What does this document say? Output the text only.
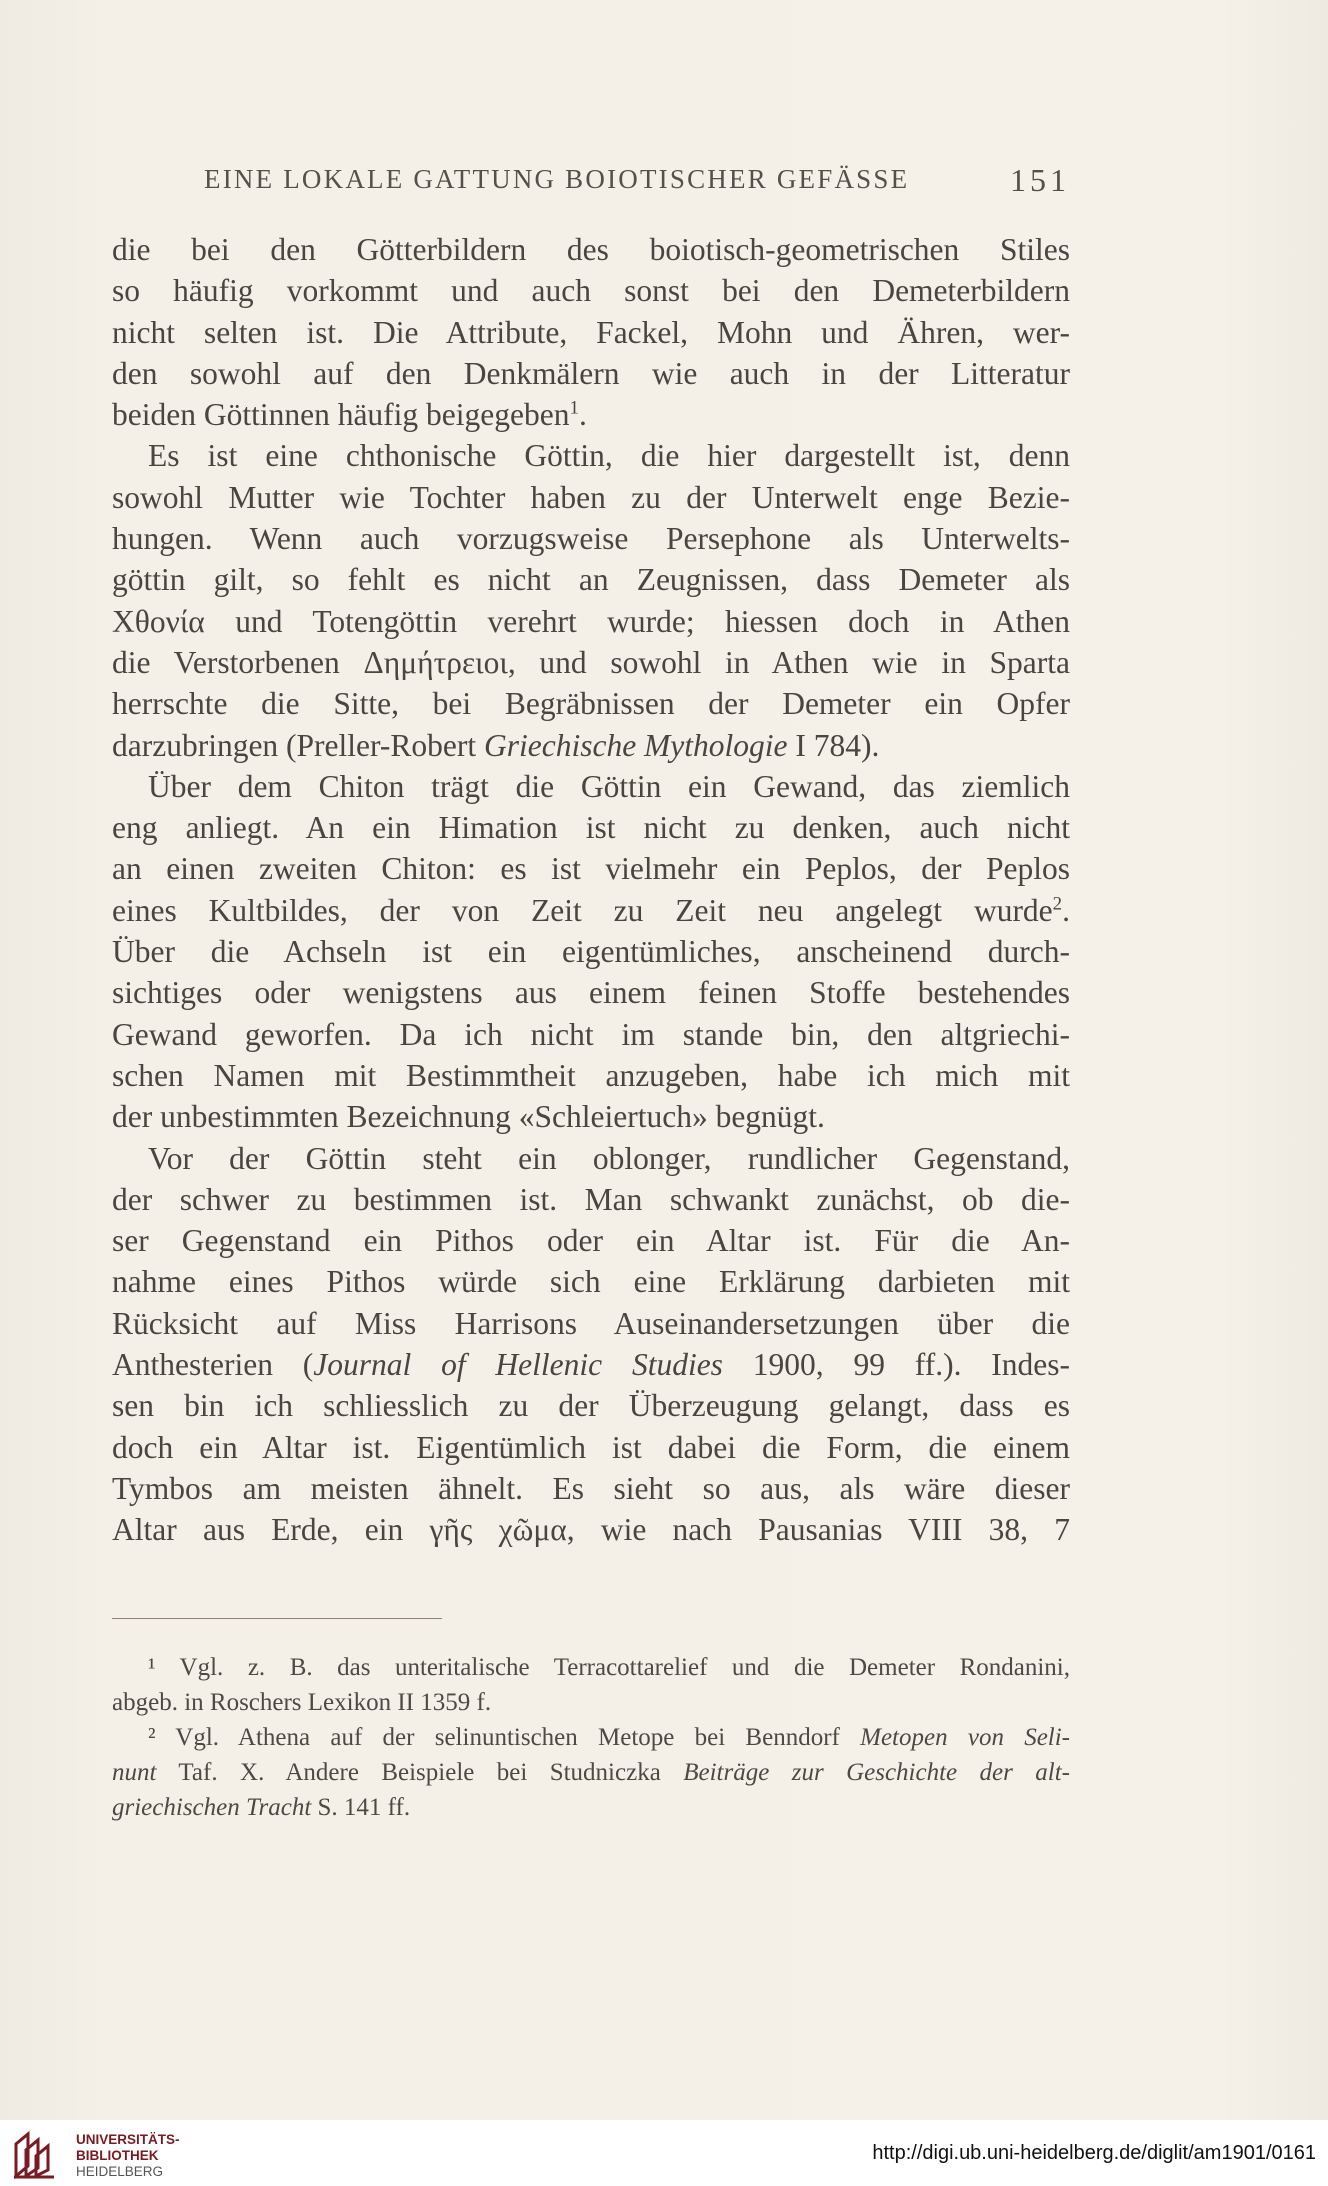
EINE LOKALE GATTUNG BOIOTISCHER GEFÄSSE	151
die bei den Götterbildern des boiotisch-geometrischen Stiles
so häufig vorkommt und auch sonst bei den Demeterbildern
nicht selten ist. Die Attribute, Fackel, Mohn und Ähren, wer-
den sowohl auf den Denkmälern wie auch in der Litteratur
beiden Göttinnen häufig beigegeben$^1$.
Es ist eine chthonische Göttin, die hier dargestellt ist, denn
sowohl Mutter wie Tochter haben zu der Unterwelt enge Bezie-
hungen. Wenn auch vorzugsweise Persephone als Unterwelts-
göttin gilt, so fehlt es nicht an Zeugnissen, dass Demeter als
Χθονία und Totengöttin verehrt wurde; hiessen doch in Athen
die Verstorbenen Δημήτρειοι, und sowohl in Athen wie in Sparta
herrschte die Sitte, bei Begräbnissen der Demeter ein Opfer
darzubringen (Preller-Robert Griechische Mythologie I 784).
Über dem Chiton trägt die Göttin ein Gewand, das ziemlich
eng anliegt. An ein Himation ist nicht zu denken, auch nicht
an einen zweiten Chiton: es ist vielmehr ein Peplos, der Peplos
eines Kultbildes, der von Zeit zu Zeit neu angelegt wurde$^2$.
Über die Achseln ist ein eigentümliches, anscheinend durch-
sichtiges oder wenigstens aus einem feinen Stoffe bestehendes
Gewand geworfen. Da ich nicht im stande bin, den altgriechi-
schen Namen mit Bestimmtheit anzugeben, habe ich mich mit
der unbestimmten Bezeichnung «Schleiertuch» begnügt.
Vor der Göttin steht ein oblonger, rundlicher Gegenstand,
der schwer zu bestimmen ist. Man schwankt zunächst, ob die-
ser Gegenstand ein Pithos oder ein Altar ist. Für die An-
nahme eines Pithos würde sich eine Erklärung darbieten mit
Rücksicht auf Miss Harrisons Auseinandersetzungen über die
Anthesterien (Journal of Hellenic Studies 1900, 99 ff.). Indes-
sen bin ich schliesslich zu der Überzeugung gelangt, dass es
doch ein Altar ist. Eigentümlich ist dabei die Form, die einem
Tymbos am meisten ähnelt. Es sieht so aus, als wäre dieser
Altar aus Erde, ein γῆς χῶμα, wie nach Pausanias VIII 38, 7
¹ Vgl. z. B. das unteritalische Terracottarelief und die Demeter Rondanini,
abgeb. in Roschers Lexikon II 1359 f.
² Vgl. Athena auf der selinuntischen Metope bei Benndorf Metopen von Seli-
nunt Taf. X. Andere Beispiele bei Studniczka Beiträge zur Geschichte der alt-
griechischen Tracht S. 141 ff.
UNIVERSITÄTS-
BIBLIOTHEK
HEIDELBERG
http://digi.ub.uni-heidelberg.de/diglit/am1901/0161
